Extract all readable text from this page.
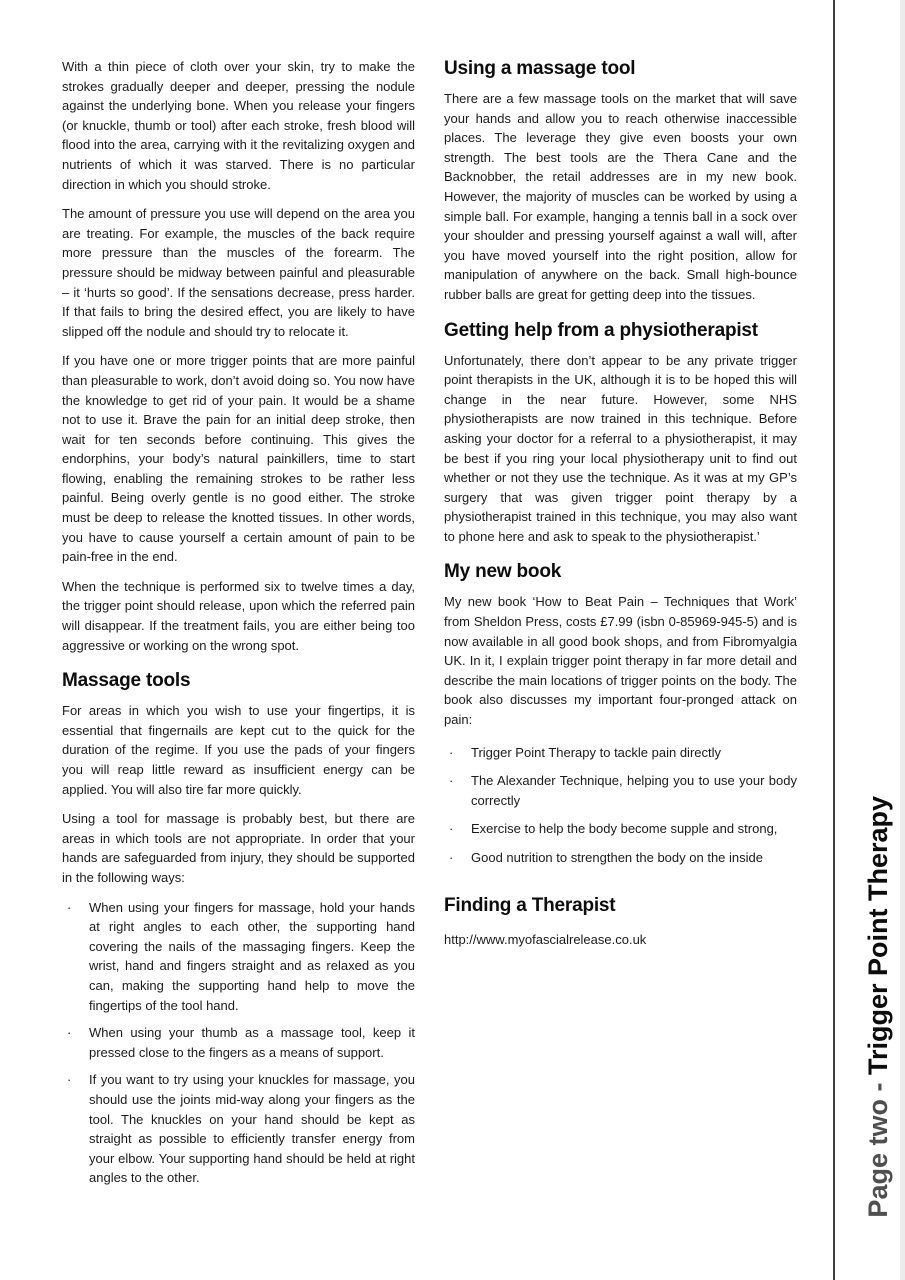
With a thin piece of cloth over your skin, try to make the strokes gradually deeper and deeper, pressing the nodule against the underlying bone. When you release your fingers (or knuckle, thumb or tool) after each stroke, fresh blood will flood into the area, carrying with it the revitalizing oxygen and nutrients of which it was starved. There is no particular direction in which you should stroke.

The amount of pressure you use will depend on the area you are treating. For example, the muscles of the back require more pressure than the muscles of the forearm. The pressure should be midway between painful and pleasurable – it ‘hurts so good’. If the sensations decrease, press harder. If that fails to bring the desired effect, you are likely to have slipped off the nodule and should try to relocate it.

If you have one or more trigger points that are more painful than pleasurable to work, don’t avoid doing so. You now have the knowledge to get rid of your pain. It would be a shame not to use it. Brave the pain for an initial deep stroke, then wait for ten seconds before continuing. This gives the endorphins, your body’s natural painkillers, time to start flowing, enabling the remaining strokes to be rather less painful. Being overly gentle is no good either. The stroke must be deep to release the knotted tissues. In other words, you have to cause yourself a certain amount of pain to be pain-free in the end.

When the technique is performed six to twelve times a day, the trigger point should release, upon which the referred pain will disappear. If the treatment fails, you are either being too aggressive or working on the wrong spot.

Massage tools

For areas in which you wish to use your fingertips, it is essential that fingernails are kept cut to the quick for the duration of the regime. If you use the pads of your fingers you will reap little reward as insufficient energy can be applied. You will also tire far more quickly.

Using a tool for massage is probably best, but there are areas in which tools are not appropriate. In order that your hands are safeguarded from injury, they should be supported in the following ways:

·	When using your fingers for massage, hold your hands at right angles to each other, the supporting hand covering the nails of the massaging fingers. Keep the wrist, hand and fingers straight and as relaxed as you can, making the supporting hand help to move the fingertips of the tool hand.
·	When using your thumb as a massage tool, keep it pressed close to the fingers as a means of support.
·	If you want to try using your knuckles for massage, you should use the joints mid-way along your fingers as the tool. The knuckles on your hand should be kept as straight as possible to efficiently transfer energy from your elbow. Your supporting hand should be held at right angles to the other.
Using a massage tool

There are a few massage tools on the market that will save your hands and allow you to reach otherwise inaccessible places. The leverage they give even boosts your own strength. The best tools are the Thera Cane and the Backnobber, the retail addresses are in my new book. However, the majority of muscles can be worked by using a simple ball. For example, hanging a tennis ball in a sock over your shoulder and pressing yourself against a wall will, after you have moved yourself into the right position, allow for manipulation of anywhere on the back. Small high-bounce rubber balls are great for getting deep into the tissues.

Getting help from a physiotherapist

Unfortunately, there don’t appear to be any private trigger point therapists in the UK, although it is to be hoped this will change in the near future. However, some NHS physiotherapists are now trained in this technique. Before asking your doctor for a referral to a physiotherapist, it may be best if you ring your local physiotherapy unit to find out whether or not they use the technique. As it was at my GP’s surgery that was given trigger point therapy by a physiotherapist trained in this technique, you may also want to phone here and ask to speak to the physiotherapist.’

My new book

My new book ‘How to Beat Pain – Techniques that Work’ from Sheldon Press, costs £7.99 (isbn 0-85969-945-5) and is now available in all good book shops, and from Fibromyalgia UK. In it, I explain trigger point therapy in far more detail and describe the main locations of trigger points on the body. The book also discusses my important four-pronged attack on pain:

·	Trigger Point Therapy to tackle pain directly
·	The Alexander Technique, helping you to use your body correctly
·	Exercise to help the body become supple and strong,
·	Good nutrition to strengthen the body on the inside
Finding a Therapist

http://www.myofascialrelease.co.uk

Page two - Trigger Point Therapy
